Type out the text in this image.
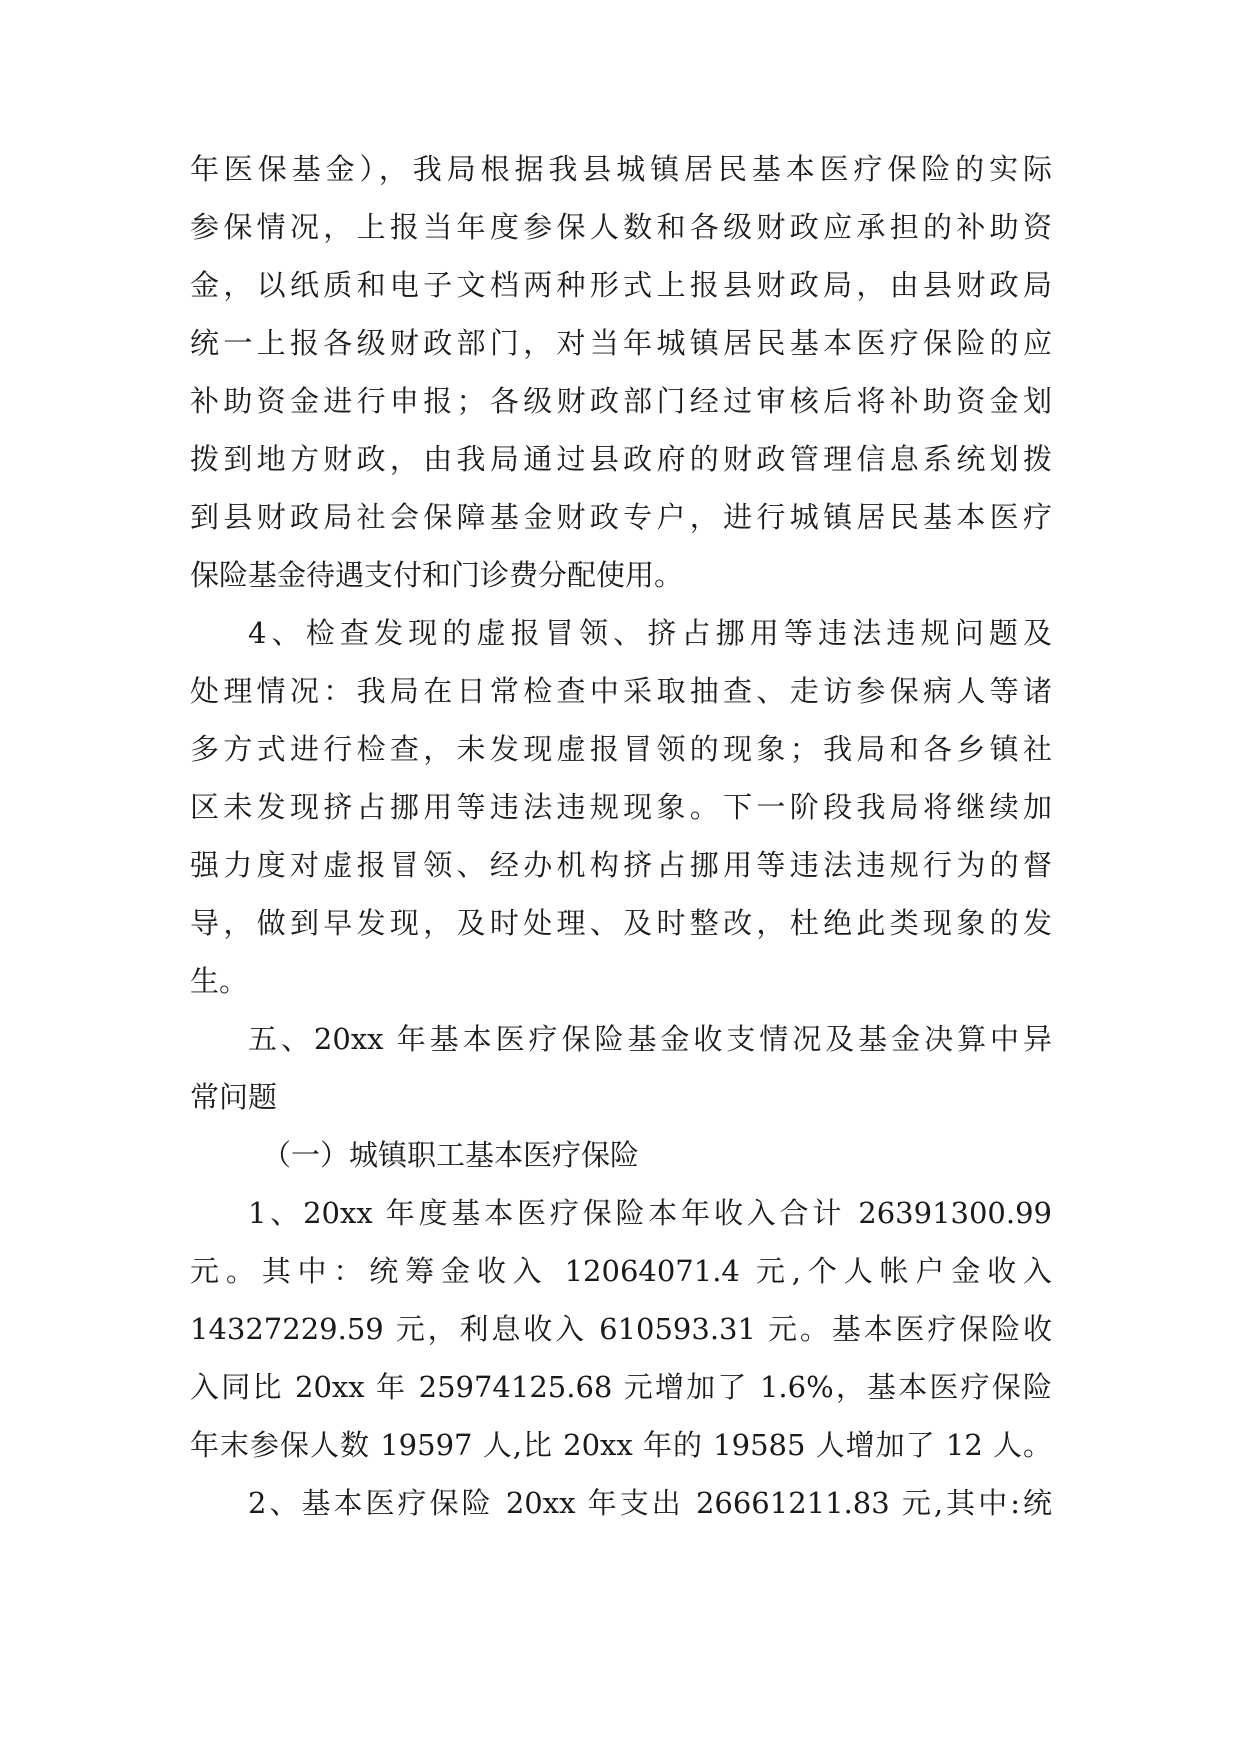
年医保基金），我局根据我县城镇居民基本医疗保险的实际
参保情况，上报当年度参保人数和各级财政应承担的补助资
金，以纸质和电子文档两种形式上报县财政局，由县财政局
统一上报各级财政部门，对当年城镇居民基本医疗保险的应
补助资金进行申报；各级财政部门经过审核后将补助资金划
拨到地方财政，由我局通过县政府的财政管理信息系统划拨
到县财政局社会保障基金财政专户，进行城镇居民基本医疗
保险基金待遇支付和门诊费分配使用。
4、检查发现的虚报冒领、挤占挪用等违法违规问题及
处理情况：我局在日常检查中采取抽查、走访参保病人等诸
多方式进行检查，未发现虚报冒领的现象；我局和各乡镇社
区未发现挤占挪用等违法违规现象。下一阶段我局将继续加
强力度对虚报冒领、经办机构挤占挪用等违法违规行为的督
导，做到早发现，及时处理、及时整改，杜绝此类现象的发
生。
五、20xx 年基本医疗保险基金收支情况及基金决算中异
常问题
（一）城镇职工基本医疗保险
1、20xx 年度基本医疗保险本年收入合计 26391300.99
元。其中：统筹金收入 12064071.4 元,个人帐户金收入
14327229.59 元，利息收入 610593.31 元。基本医疗保险收
入同比 20xx 年 25974125.68 元增加了 1.6%，基本医疗保险
年末参保人数 19597 人,比 20xx 年的 19585 人增加了 12 人。
2、基本医疗保险 20xx 年支出 26661211.83 元,其中:统
